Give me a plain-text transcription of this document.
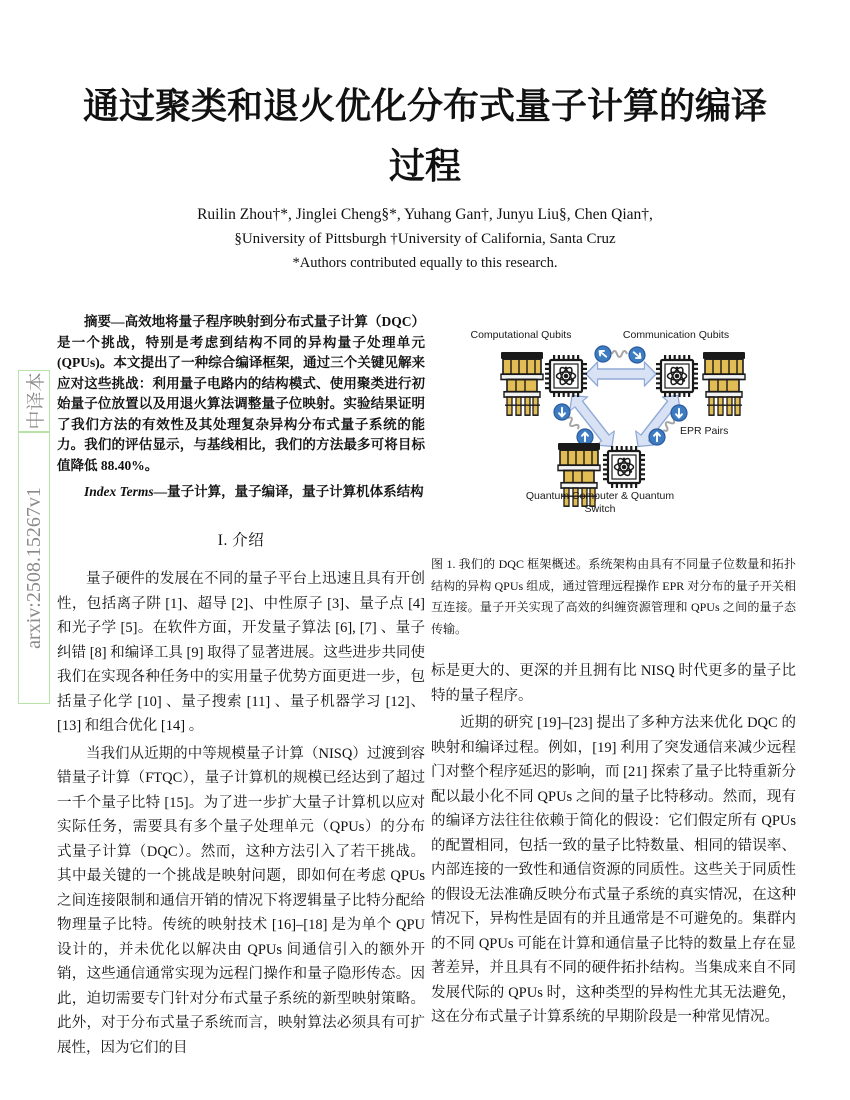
arxiv:2508.15267v1
中译本
通过聚类和退火优化分布式量子计算的编译
过程
Ruilin Zhou†*, Jinglei Cheng§*, Yuhang Gan†, Junyu Liu§, Chen Qian†,
§University of Pittsburgh †University of California, Santa Cruz
*Authors contributed equally to this research.

摘要—高效地将量子程序映射到分布式量子计算（DQC）是一个挑战，特别是考虑到结构不同的异构量子处理单元 (QPUs)。本文提出了一种综合编译框架，通过三个关键见解来应对这些挑战：利用量子电路内的结构模式、使用聚类进行初始量子位放置以及用退火算法调整量子位映射。实验结果证明了我们方法的有效性及其处理复杂异构分布式量子系统的能力。我们的评估显示，与基线相比，我们的方法最多可将目标值降低 88.40%。

Index Terms—量子计算，量子编译，量子计算机体系结构

I. 介绍

量子硬件的发展在不同的量子平台上迅速且具有开创性，包括离子阱 [1]、超导 [2]、中性原子 [3]、量子点 [4] 和光子学 [5]。在软件方面，开发量子算法 [6], [7] 、量子纠错 [8] 和编译工具 [9] 取得了显著进展。这些进步共同使我们在实现各种任务中的实用量子优势方面更进一步，包括量子化学 [10] 、量子搜索 [11] 、量子机器学习 [12]、[13] 和组合优化 [14] 。

当我们从近期的中等规模量子计算（NISQ）过渡到容错量子计算（FTQC），量子计算机的规模已经达到了超过一千个量子比特 [15]。为了进一步扩大量子计算机以应对实际任务，需要具有多个量子处理单元（QPUs）的分布式量子计算（DQC）。然而，这种方法引入了若干挑战。其中最关键的一个挑战是映射问题，即如何在考虑 QPUs 之间连接限制和通信开销的情况下将逻辑量子比特分配给物理量子比特。传统的映射技术 [16]–[18] 是为单个 QPU 设计的，并未优化以解决由 QPUs 间通信引入的额外开销，这些通信通常实现为远程门操作和量子隐形传态。因此，迫切需要专门针对分布式量子系统的新型映射策略。此外，对于分布式量子系统而言，映射算法必须具有可扩展性，因为它们的目

Computational Qubits	Communication Qubits
Quantum Computer & Quantum Switch
EPR Pairs

图 1. 我们的 DQC 框架概述。系统架构由具有不同量子位数量和拓扑结构的异构 QPUs 组成，通过管理远程操作 EPR 对分布的量子开关相互连接。量子开关实现了高效的纠缠资源管理和 QPUs 之间的量子态传输。

标是更大的、更深的并且拥有比 NISQ 时代更多的量子比特的量子程序。

近期的研究 [19]–[23] 提出了多种方法来优化 DQC 的映射和编译过程。例如，[19] 利用了突发通信来减少远程门对整个程序延迟的影响，而 [21] 探索了量子比特重新分配以最小化不同 QPUs 之间的量子比特移动。然而，现有的编译方法往往依赖于简化的假设：它们假定所有 QPUs 的配置相同，包括一致的量子比特数量、相同的错误率、内部连接的一致性和通信资源的同质性。这些关于同质性的假设无法准确反映分布式量子系统的真实情况，在这种情况下，异构性是固有的并且通常是不可避免的。集群内的不同 QPUs 可能在计算和通信量子比特的数量上存在显著差异，并且具有不同的硬件拓扑结构。当集成来自不同发展代际的 QPUs 时，这种类型的异构性尤其无法避免，这在分布式量子计算系统的早期阶段是一种常见情况。
